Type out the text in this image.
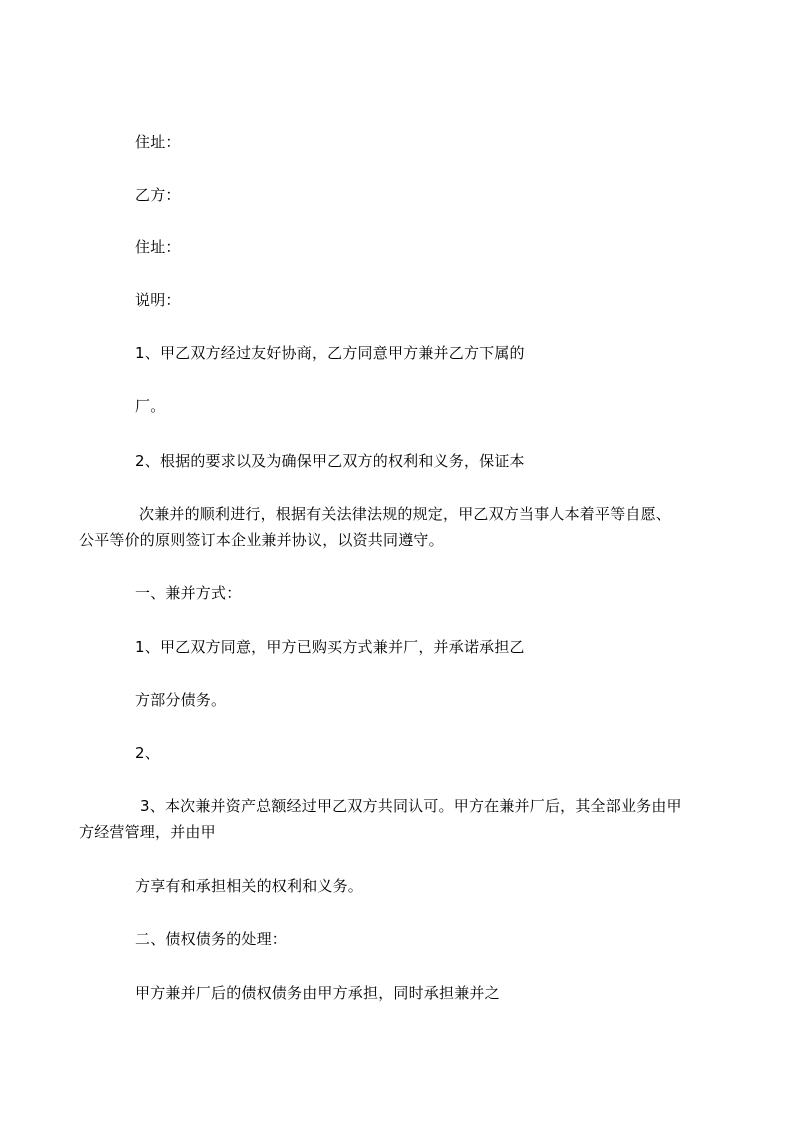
住址：
乙方：
住址：
说明：
1、甲乙双方经过友好协商，乙方同意甲方兼并乙方下属的
厂。
2、根据的要求以及为确保甲乙双方的权利和义务，保证本
次兼并的顺利进行，根据有关法律法规的规定，甲乙双方当事人本着平等自愿、
公平等价的原则签订本企业兼并协议，以资共同遵守。
一、兼并方式：
1、甲乙双方同意，甲方已购买方式兼并厂，并承诺承担乙
方部分债务。
2、
3、本次兼并资产总额经过甲乙双方共同认可。甲方在兼并厂后，其全部业务由甲
方经营管理，并由甲
方享有和承担相关的权利和义务。
二、债权债务的处理：
甲方兼并厂后的债权债务由甲方承担，同时承担兼并之
